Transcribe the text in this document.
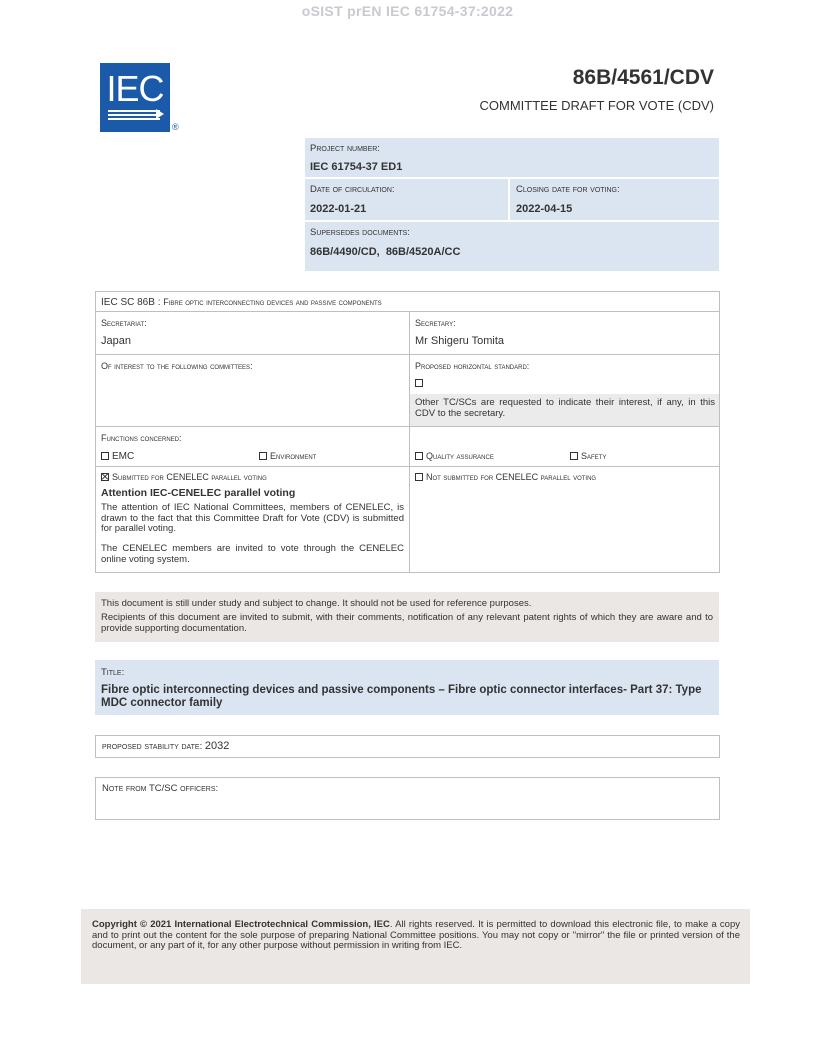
oSIST prEN IEC 61754-37:2022
IEC
®
86B/4561/CDV
COMMITTEE DRAFT FOR VOTE (CDV)
Project number:
IEC 61754-37 ED1
Date of circulation:
2022-01-21
Closing date for voting:
2022-04-15
Supersedes documents:
86B/4490/CD,  86B/4520A/CC
IEC SC 86B : Fibre optic interconnecting devices and passive components
Secretariat:
Japan
Secretary:
Mr Shigeru Tomita
Of interest to the following committees:	Proposed horizontal standard:
Other TC/SCs are requested to indicate their interest, if any, in this CDV to the secretary.
Functions concerned:
EMC	Environment	Quality assurance	Safety
Submitted for CENELEC parallel voting
Attention IEC-CENELEC parallel voting
The attention of IEC National Committees, members of CENELEC, is drawn to the fact that this Committee Draft for Vote (CDV) is submitted for parallel voting.
The CENELEC members are invited to vote through the CENELEC online voting system.
Not submitted for CENELEC parallel voting

This document is still under study and subject to change. It should not be used for reference purposes.

Recipients of this document are invited to submit, with their comments, notification of any relevant patent rights of which they are aware and to provide supporting documentation.

Title:
Fibre optic interconnecting devices and passive components – Fibre optic connector interfaces- Part 37: Type MDC connector family
proposed stability date: 2032
Note from TC/SC officers:

Copyright © 2021 International Electrotechnical Commission, IEC. All rights reserved. It is permitted to download this electronic file, to make a copy and to print out the content for the sole purpose of preparing National Committee positions. You may not copy or "mirror" the file or printed version of the document, or any part of it, for any other purpose without permission in writing from IEC.
